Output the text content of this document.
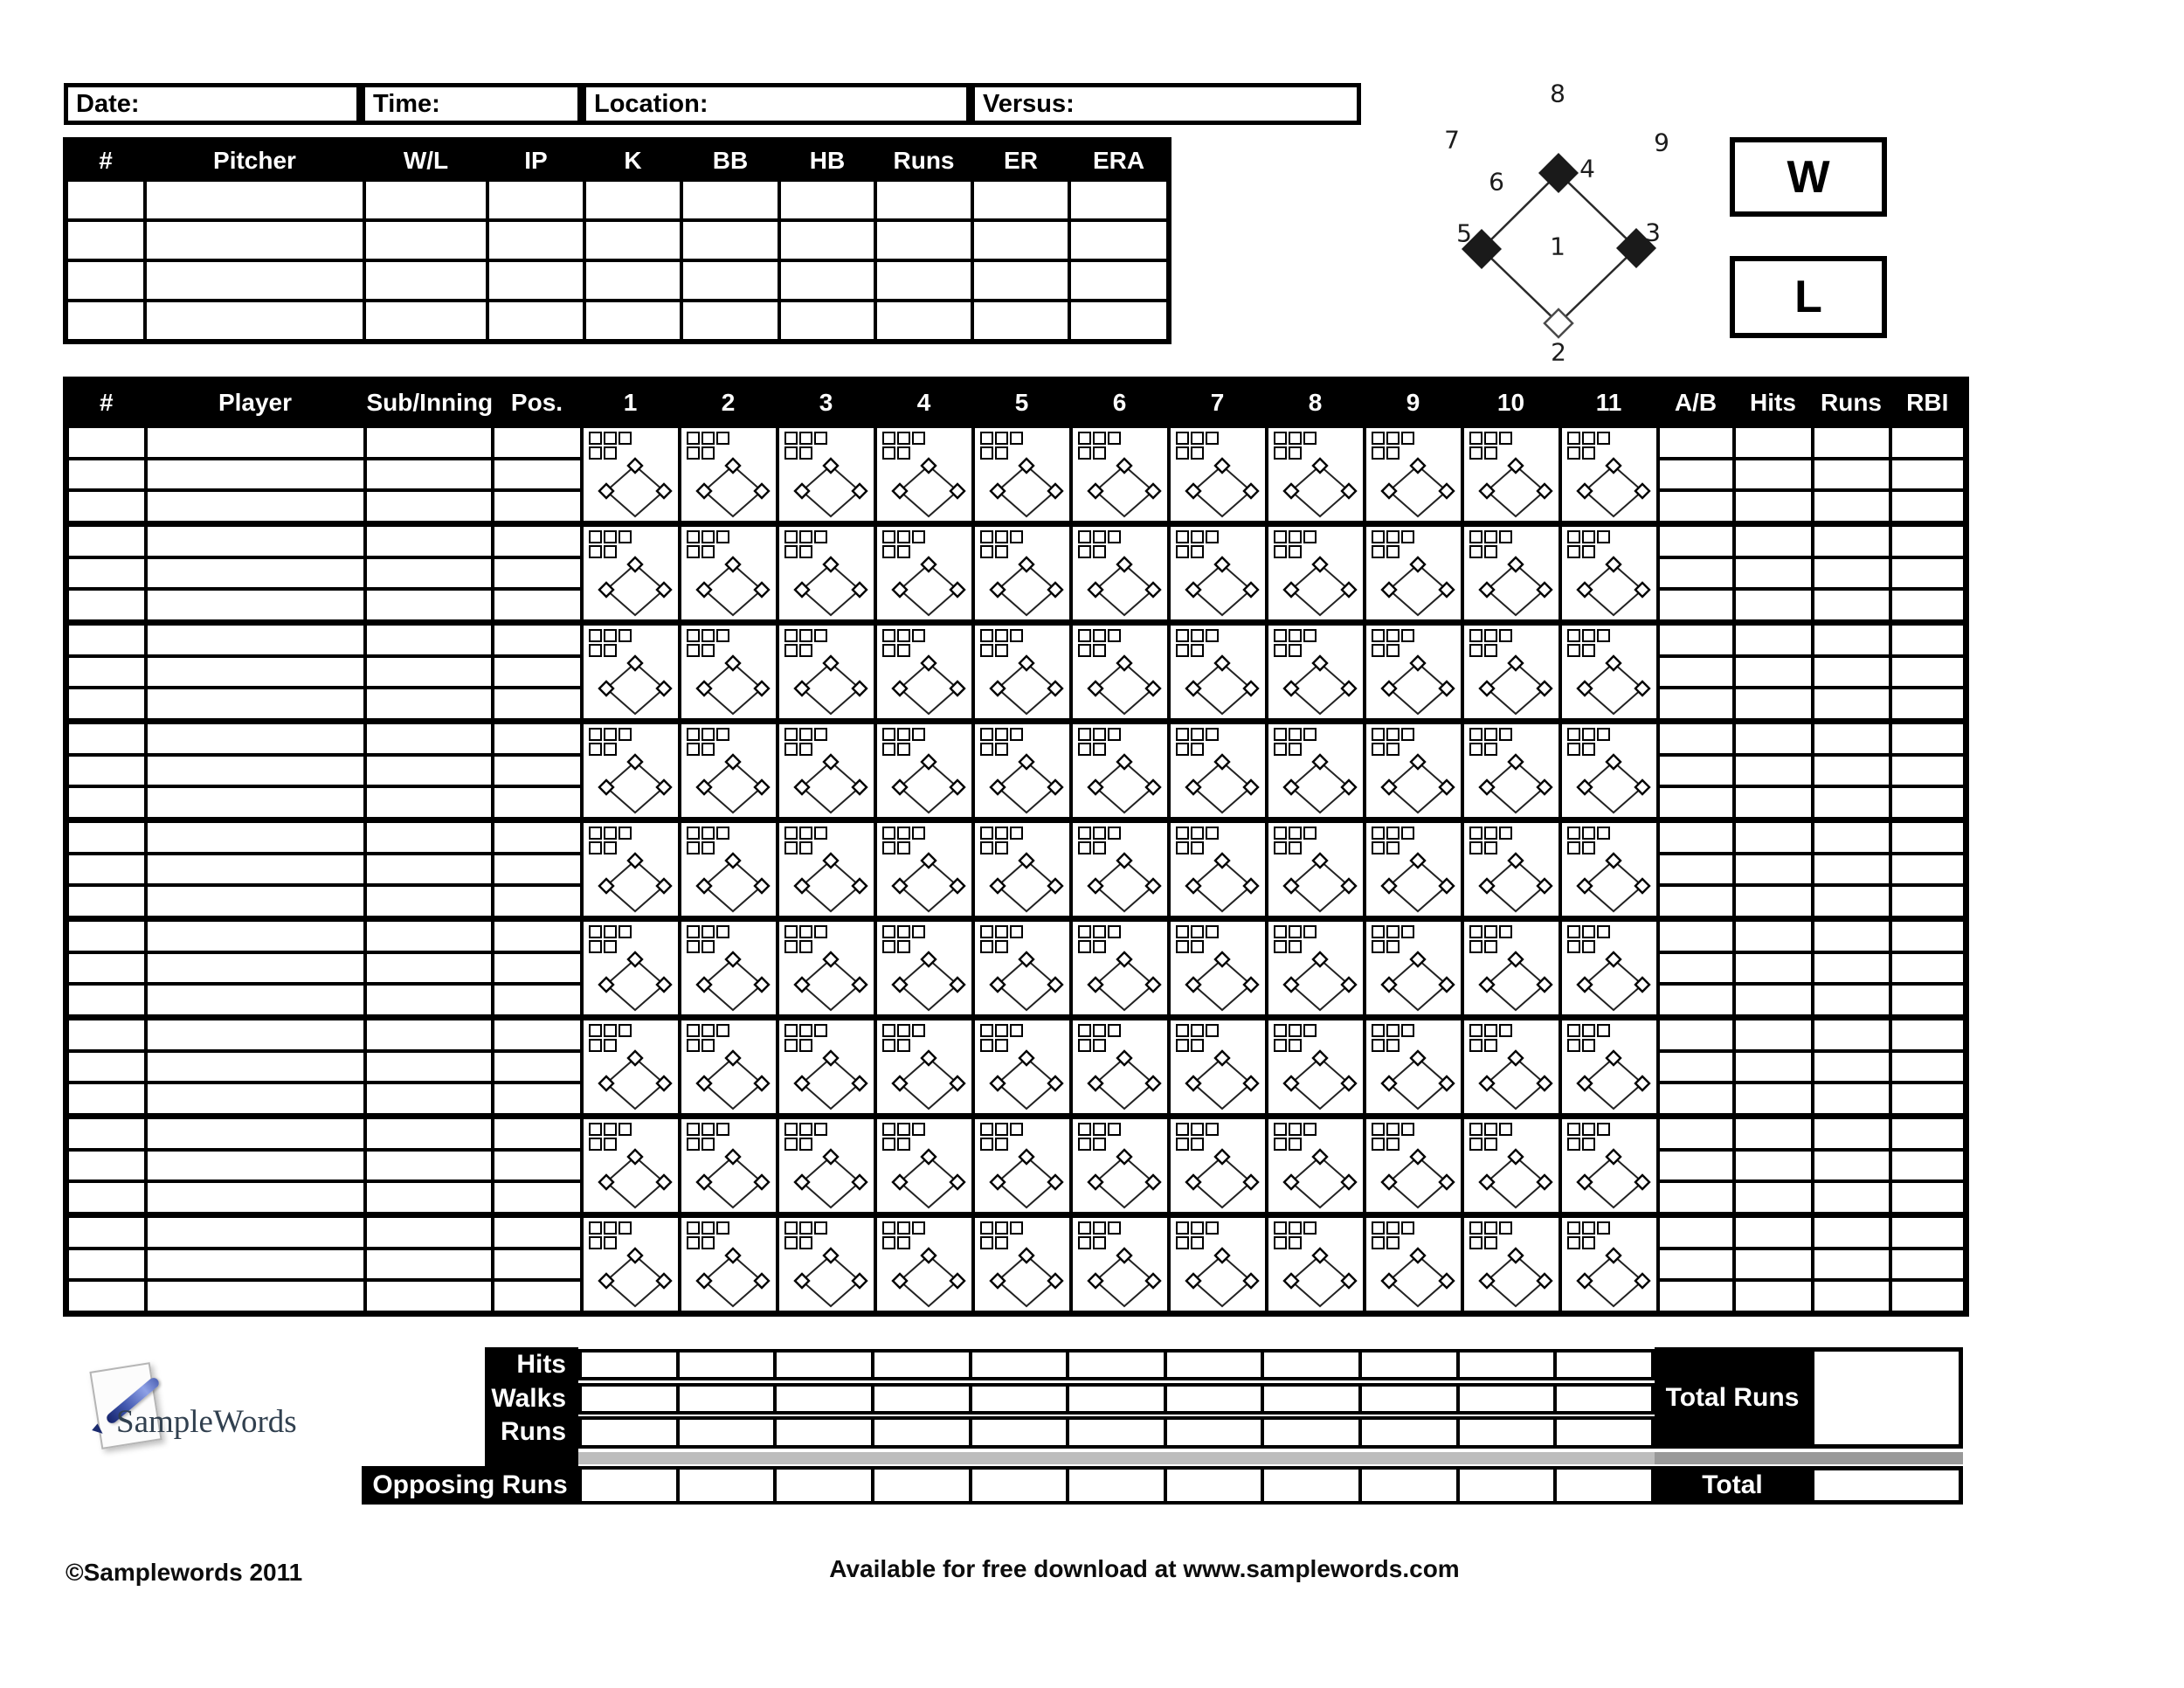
Date:	Time:	Location:	Versus:
#	Pitcher	W/L	IP	K	BB	HB	Runs	ER	ERA

8
7	9
6	4
5	3
1
2
W
L
#	Player	Sub/Inning	Pos.	1	2	3	4	5	6	7	8	9	10	11	A/B	Hits	Runs	RBI

Hits
Walks
Runs
Total Runs
Opposing Runs	Total
SampleWords
©Samplewords 2011	Available for free download at www.samplewords.com
